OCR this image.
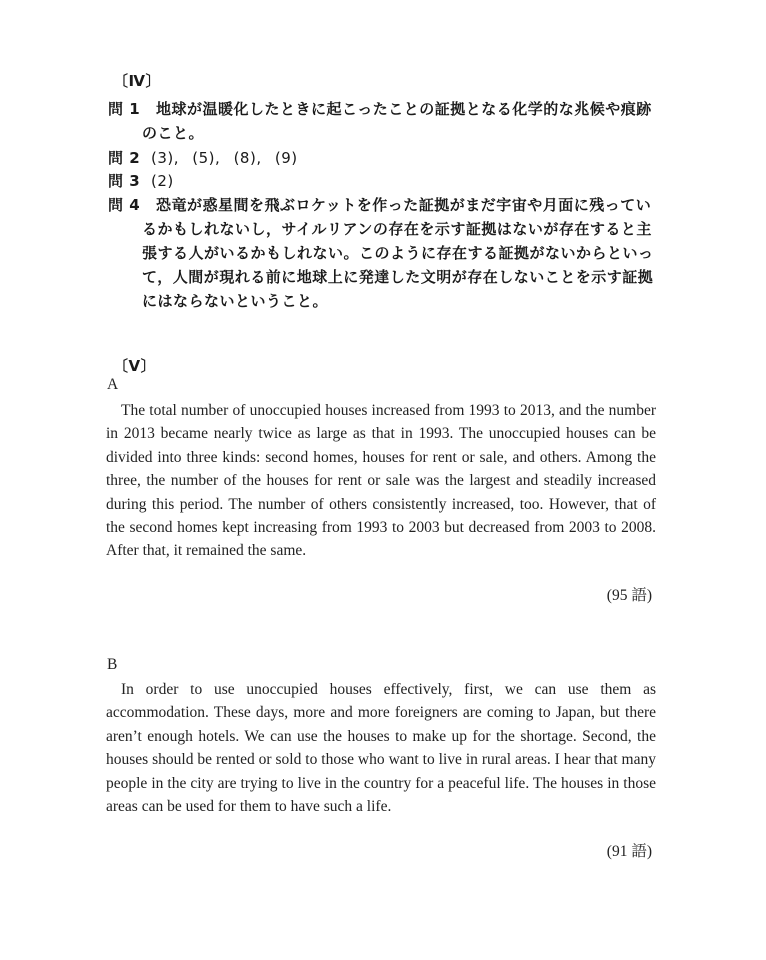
〔Ⅳ〕
問 1 地球が温暖化したときに起こったことの証拠となる化学的な兆候や痕跡
のこと。
問 2 (3), (5), (8), (9)
問 3 (2)
問 4 恐竜が惑星間を飛ぶロケットを作った証拠がまだ宇宙や月面に残ってい
るかもしれないし，サイルリアンの存在を示す証拠はないが存在すると主
張する人がいるかもしれない。このように存在する証拠がないからといっ
て，人間が現れる前に地球上に発達した文明が存在しないことを示す証拠
にはならないということ。
〔Ⅴ〕
A

The total number of unoccupied houses increased from 1993 to 2013, and the number in 2013 became nearly twice as large as that in 1993. The unoccupied houses can be divided into three kinds: second homes, houses for rent or sale, and others. Among the three, the number of the houses for rent or sale was the largest and steadily increased during this period. The number of others consistently increased, too. However, that of the second homes kept increasing from 1993 to 2003 but decreased from 2003 to 2008. After that, it remained the same.

(95 語)
B

In order to use unoccupied houses effectively, first, we can use them as accommodation. These days, more and more foreigners are coming to Japan, but there aren’t enough hotels. We can use the houses to make up for the shortage. Second, the houses should be rented or sold to those who want to live in rural areas. I hear that many people in the city are trying to live in the country for a peaceful life. The houses in those areas can be used for them to have such a life.

(91 語)
